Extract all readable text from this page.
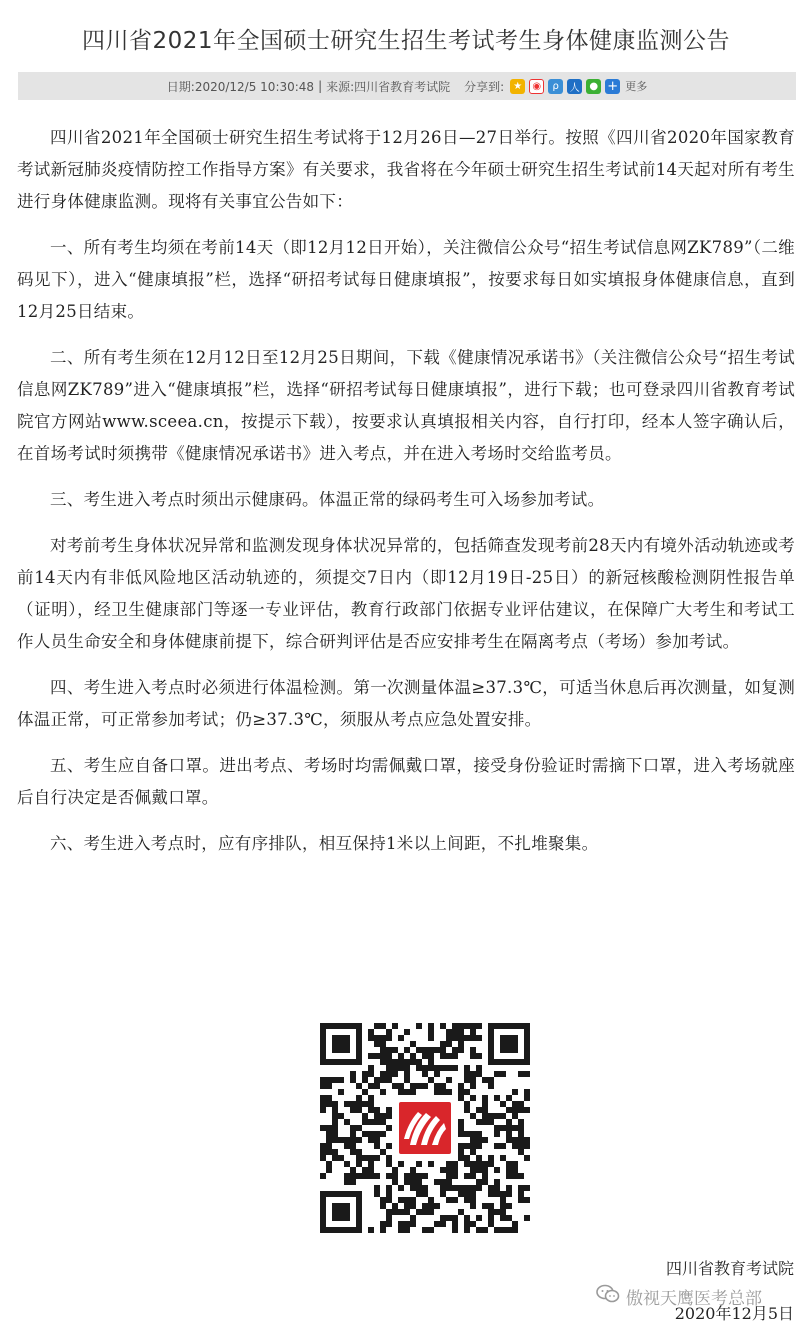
四川省2021年全国硕士研究生招生考试考生身体健康监测公告
日期:2020/12/5 10:30:48 | 来源:四川省教育考试院 分享到: ★	◉	ρ	人 ● + 更多

四川省2021年全国硕士研究生招生考试将于12月26日—27日举行。按照《四川省2020年国家教育考试新冠肺炎疫情防控工作指导方案》有关要求，我省将在今年硕士研究生招生考试前14天起对所有考生进行身体健康监测。现将有关事宜公告如下：

一、所有考生均须在考前14天（即12月12日开始），关注微信公众号“招生考试信息网ZK789”（二维码见下），进入“健康填报”栏，选择“研招考试每日健康填报”，按要求每日如实填报身体健康信息，直到12月25日结束。

二、所有考生须在12月12日至12月25日期间，下载《健康情况承诺书》（关注微信公众号“招生考试信息网ZK789”进入“健康填报”栏，选择“研招考试每日健康填报”，进行下载；也可登录四川省教育考试院官方网站www.sceea.cn，按提示下载），按要求认真填报相关内容，自行打印，经本人签字确认后，在首场考试时须携带《健康情况承诺书》进入考点，并在进入考场时交给监考员。

三、考生进入考点时须出示健康码。体温正常的绿码考生可入场参加考试。

对考前考生身体状况异常和监测发现身体状况异常的，包括筛查发现考前28天内有境外活动轨迹或考前14天内有非低风险地区活动轨迹的，须提交7日内（即12月19日-25日）的新冠核酸检测阴性报告单（证明），经卫生健康部门等逐一专业评估，教育行政部门依据专业评估建议，在保障广大考生和考试工作人员生命安全和身体健康前提下，综合研判评估是否应安排考生在隔离考点（考场）参加考试。

四、考生进入考点时必须进行体温检测。第一次测量体温≥37.3℃，可适当休息后再次测量，如复测体温正常，可正常参加考试；仍≥37.3℃，须服从考点应急处置安排。

五、考生应自备口罩。进出考点、考场时均需佩戴口罩，接受身份验证时需摘下口罩，进入考场就座后自行决定是否佩戴口罩。

六、考生进入考点时，应有序排队，相互保持1米以上间距，不扎堆聚集。

四川省教育考试院
傲视天鹰医考总部
2020年12月5日
